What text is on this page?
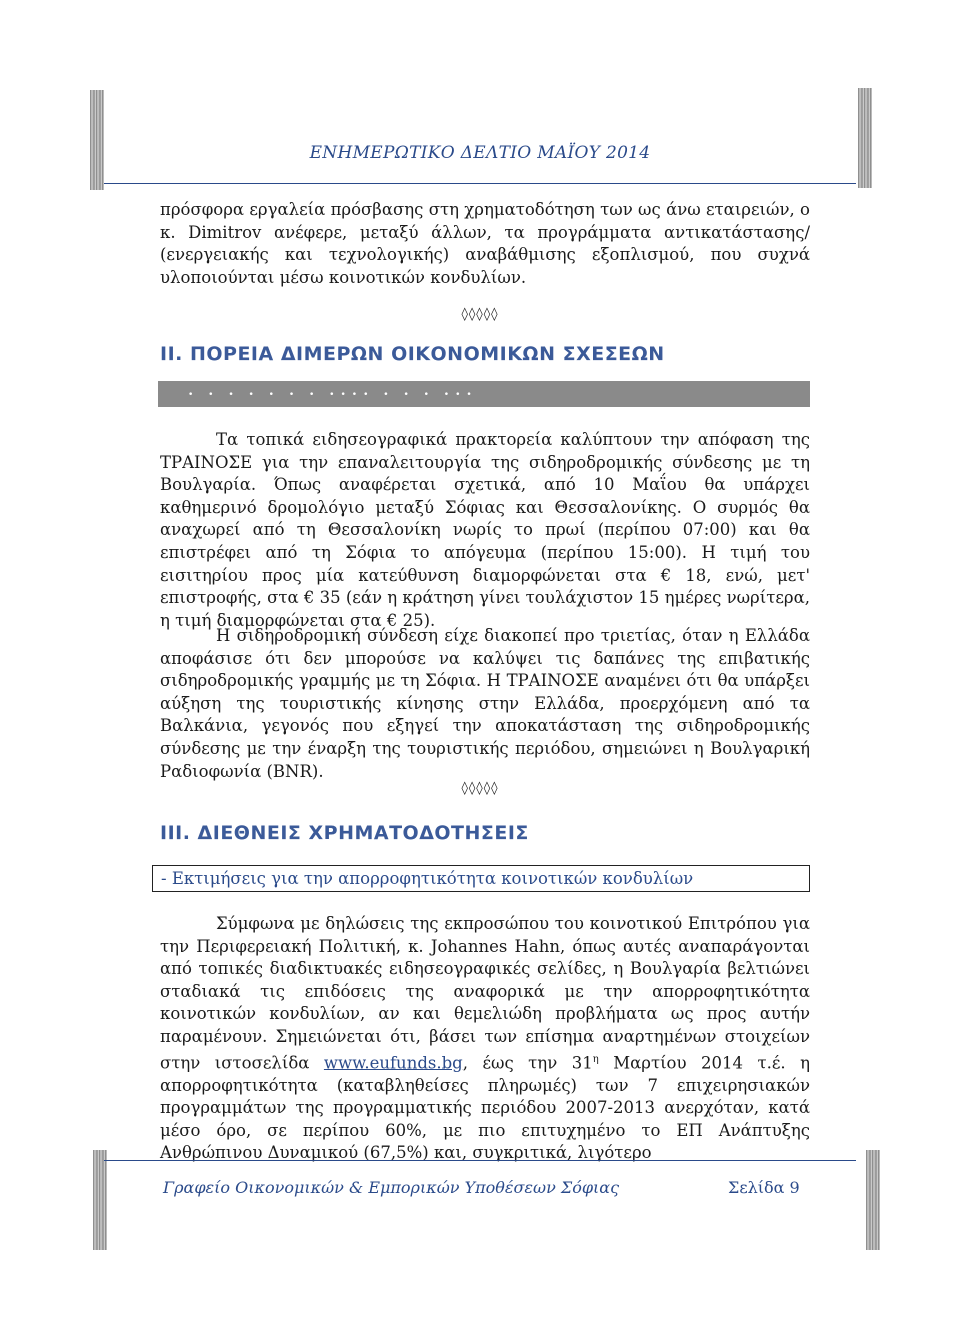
ΕΝΗΜΕΡΩΤΙΚΟ ΔΕΛΤΙΟ ΜΑΪΟΥ 2014
πρόσφορα εργαλεία πρόσβασης στη χρηματοδότηση των ως άνω εταιρειών, ο κ. Dimitrov ανέφερε, μεταξύ άλλων, τα προγράμματα αντικατάστασης/ (ενεργειακής και τεχνολογικής) αναβάθμισης εξοπλισμού, που συχνά υλοποιούνται μέσω κοινοτικών κονδυλίων.
◊◊◊◊◊
ΙΙ. ΠΟΡΕΙΑ ΔΙΜΕΡΩΝ ΟΙΚΟΝΟΜΙΚΩΝ ΣΧΕΣΕΩΝ
• • • • • • • •••• • • • •••
Τα τοπικά ειδησεογραφικά πρακτορεία καλύπτουν την απόφαση της ΤΡΑΙΝΟΣΕ για την επαναλειτουργία της σιδηροδρομικής σύνδεσης με τη Βουλγαρία. Όπως αναφέρεται σχετικά, από 10 Μαΐου θα υπάρχει καθημερινό δρομολόγιο μεταξύ Σόφιας και Θεσσαλονίκης. Ο συρμός θα αναχωρεί από τη Θεσσαλονίκη νωρίς το πρωί (περίπου 07:00) και θα επιστρέφει από τη Σόφια το απόγευμα (περίπου 15:00). Η τιμή του εισιτηρίου προς μία κατεύθυνση διαμορφώνεται στα € 18, ενώ, μετ' επιστροφής, στα € 35 (εάν η κράτηση γίνει τουλάχιστον 15 ημέρες νωρίτερα, η τιμή διαμορφώνεται στα € 25).
Η σιδηροδρομική σύνδεση είχε διακοπεί προ τριετίας, όταν η Ελλάδα αποφάσισε ότι δεν μπορούσε να καλύψει τις δαπάνες της επιβατικής σιδηροδρομικής γραμμής με τη Σόφια. Η ΤΡΑΙΝΟΣΕ αναμένει ότι θα υπάρξει αύξηση της τουριστικής κίνησης στην Ελλάδα, προερχόμενη από τα Βαλκάνια, γεγονός που εξηγεί την αποκατάσταση της σιδηροδρομικής σύνδεσης με την έναρξη της τουριστικής περιόδου, σημειώνει η Βουλγαρική Ραδιοφωνία (BNR).
◊◊◊◊◊
ΙΙΙ. ΔΙΕΘΝΕΙΣ ΧΡΗΜΑΤΟΔΟΤΗΣΕΙΣ
- Εκτιμήσεις για την απορροφητικότητα κοινοτικών κονδυλίων
Σύμφωνα με δηλώσεις της εκπροσώπου του κοινοτικού Επιτρόπου για την Περιφερειακή Πολιτική, κ. Johannes Hahn, όπως αυτές αναπαράγονται από τοπικές διαδικτυακές ειδησεογραφικές σελίδες, η Βουλγαρία βελτιώνει σταδιακά τις επιδόσεις της αναφορικά με την απορροφητικότητα κοινοτικών κονδυλίων, αν και θεμελιώδη προβλήματα ως προς αυτήν παραμένουν. Σημειώνεται ότι, βάσει των επίσημα αναρτημένων στοιχείων στην ιστοσελίδα www.eufunds.bg, έως την $31^\eta$ Μαρτίου 2014 τ.έ. η απορροφητικότητα (καταβληθείσες πληρωμές) των 7 επιχειρησιακών προγραμμάτων της προγραμματικής περιόδου 2007-2013 ανερχόταν, κατά μέσο όρο, σε περίπου 60%, με πιο επιτυχημένο το ΕΠ Ανάπτυξης Ανθρώπινου Δυναμικού (67,5%) και, συγκριτικά, λιγότερο
Γραφείο Οικονομικών & Εμπορικών Υποθέσεων Σόφιας	Σελίδα 9
